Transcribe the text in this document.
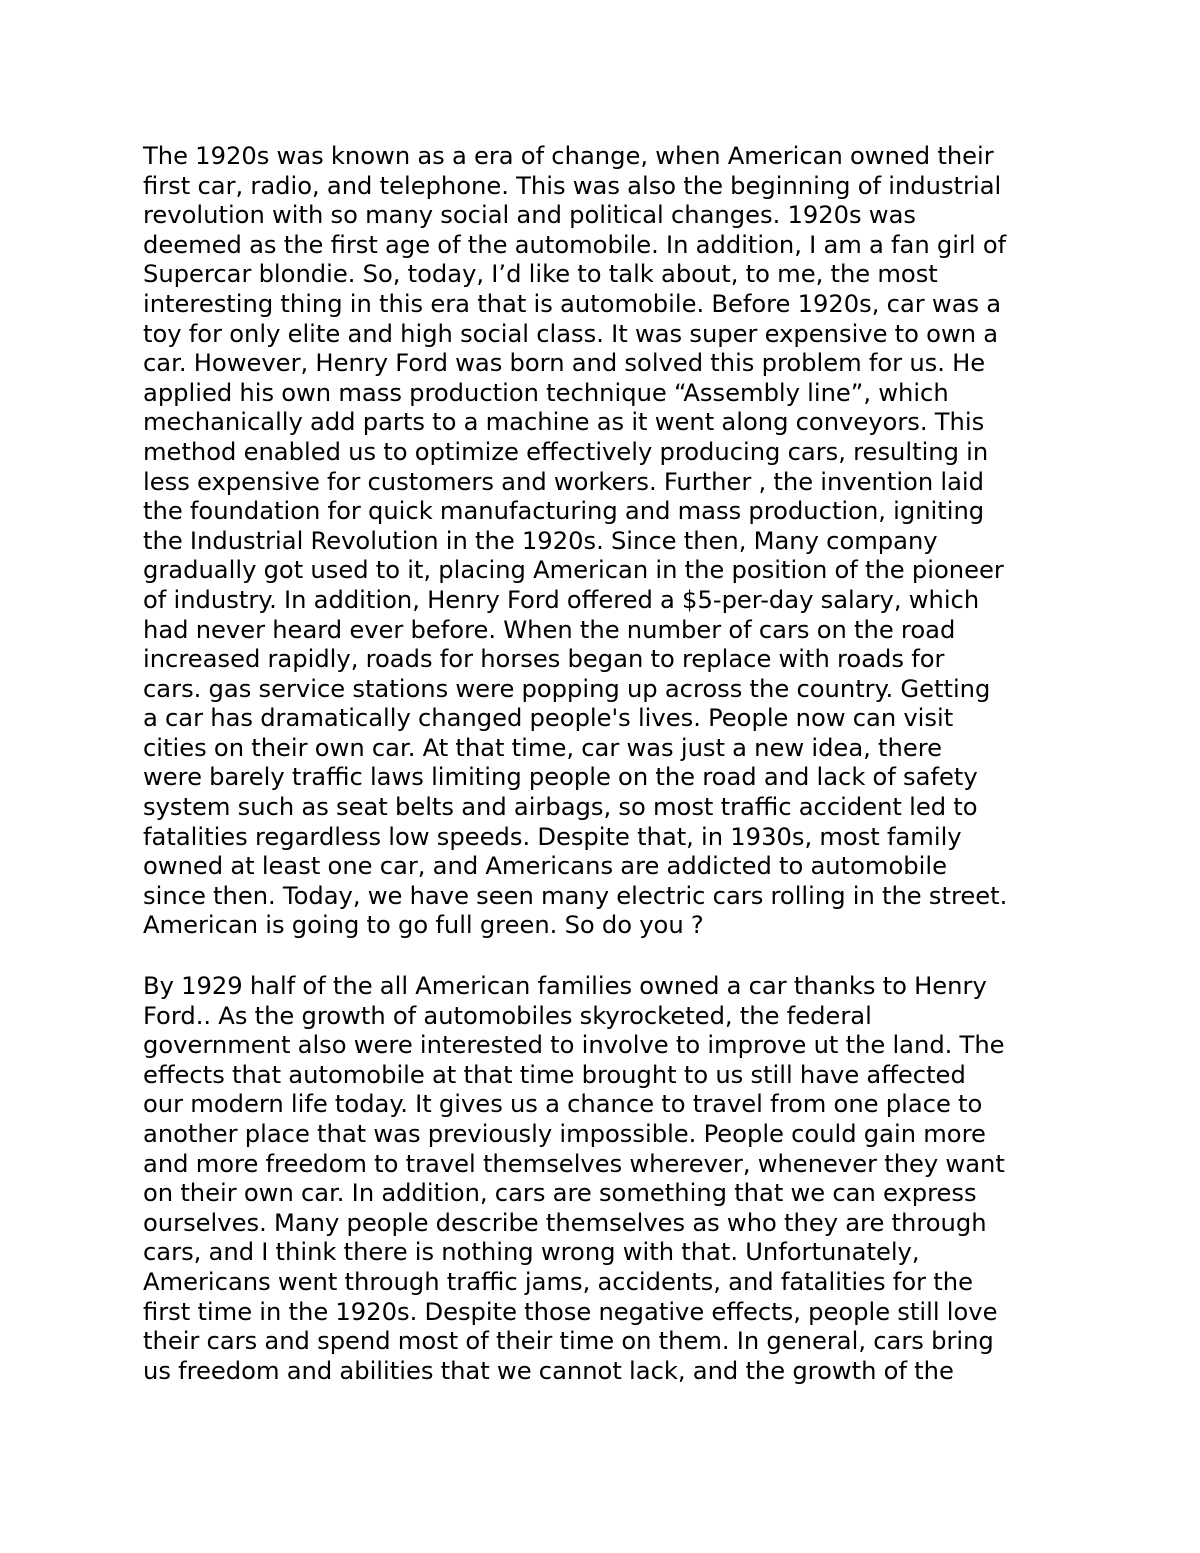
The 1920s was known as a era of change, when American owned their
first car, radio, and telephone. This was also the beginning of industrial
revolution with so many social and political changes. 1920s was
deemed as the first age of the automobile. In addition, I am a fan girl of
Supercar blondie. So, today, I’d like to talk about, to me, the most
interesting thing in this era that is automobile. Before 1920s, car was a
toy for only elite and high social class. It was super expensive to own a
car. However, Henry Ford was born and solved this problem for us. He
applied his own mass production technique “Assembly line”, which
mechanically add parts to a machine as it went along conveyors. This
method enabled us to optimize effectively producing cars, resulting in
less expensive for customers and workers. Further , the invention laid
the foundation for quick manufacturing and mass production, igniting
the Industrial Revolution in the 1920s. Since then, Many company
gradually got used to it, placing American in the position of the pioneer
of industry. In addition, Henry Ford offered a $5-per-day salary, which
had never heard ever before. When the number of cars on the road
increased rapidly, roads for horses began to replace with roads for
cars. gas service stations were popping up across the country. Getting
a car has dramatically changed people's lives. People now can visit
cities on their own car. At that time, car was just a new idea, there
were barely traffic laws limiting people on the road and lack of safety
system such as seat belts and airbags, so most traffic accident led to
fatalities regardless low speeds. Despite that, in 1930s, most family
owned at least one car, and Americans are addicted to automobile
since then. Today, we have seen many electric cars rolling in the street.
American is going to go full green. So do you ?
By 1929 half of the all American families owned a car thanks to Henry
Ford.. As the growth of automobiles skyrocketed, the federal
government also were interested to involve to improve ut the land. The
effects that automobile at that time brought to us still have affected
our modern life today. It gives us a chance to travel from one place to
another place that was previously impossible. People could gain more
and more freedom to travel themselves wherever, whenever they want
on their own car. In addition, cars are something that we can express
ourselves. Many people describe themselves as who they are through
cars, and I think there is nothing wrong with that. Unfortunately,
Americans went through traffic jams, accidents, and fatalities for the
first time in the 1920s. Despite those negative effects, people still love
their cars and spend most of their time on them. In general, cars bring
us freedom and abilities that we cannot lack, and the growth of the
